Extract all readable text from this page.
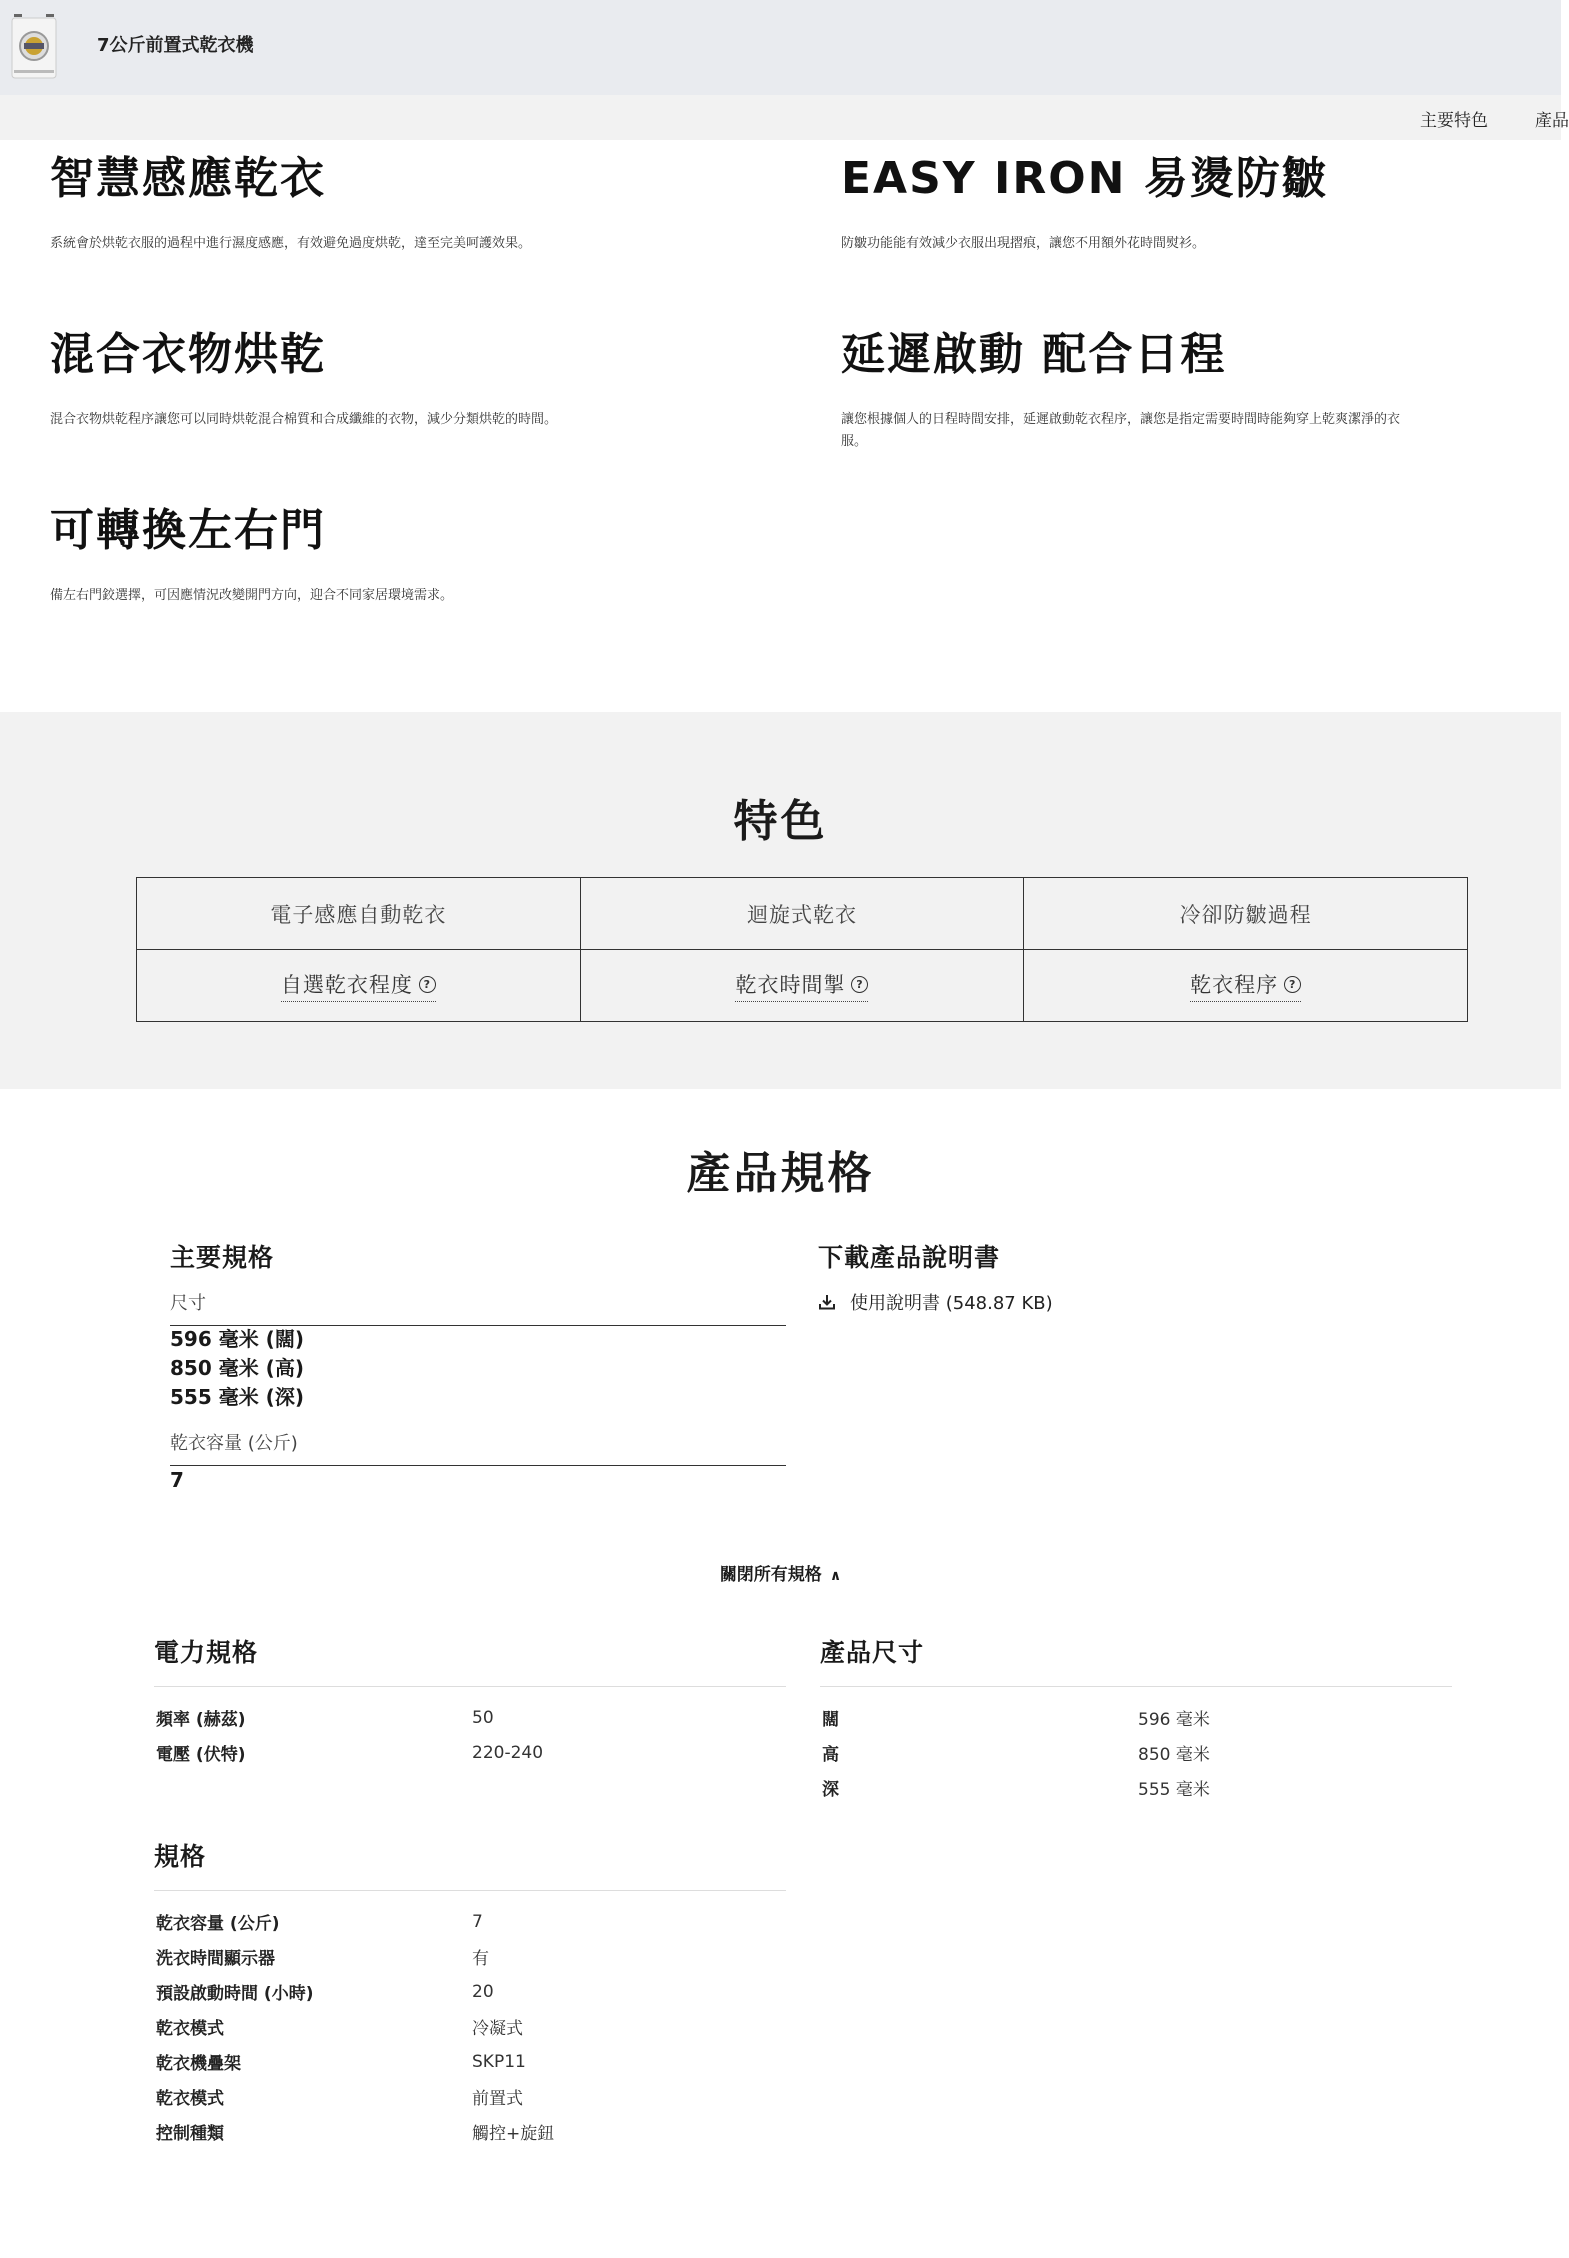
7公斤前置式乾衣機
主要特色	產品
智慧感應乾衣

系統會於烘乾衣服的過程中進行濕度感應，有效避免過度烘乾，達至完美呵護效果。

EASY IRON 易燙防皺

防皺功能能有效減少衣服出現摺痕，讓您不用額外花時間熨衫。

混合衣物烘乾

混合衣物烘乾程序讓您可以同時烘乾混合棉質和合成纖維的衣物，減少分類烘乾的時間。

延遲啟動 配合日程

讓您根據個人的日程時間安排，延遲啟動乾衣程序，讓您是指定需要時間時能夠穿上乾爽潔淨的衣服。

可轉換左右門

備左右門鉸選擇，可因應情況改變開門方向，迎合不同家居環境需求。

特色
電子感應自動乾衣	迴旋式乾衣	冷卻防皺過程
自選乾衣程度 ?	乾衣時間掣 ?	乾衣程序 ?
產品規格
主要規格
尺寸
596 毫米 (闊)
850 毫米 (高)
555 毫米 (深)
乾衣容量 (公斤)
7
下載產品說明書
使用說明書 (548.87 KB)
關閉所有規格 ∧
電力規格
頻率 (赫茲)	50
電壓 (伏特)	220-240
產品尺寸
闊	596 毫米
高	850 毫米
深	555 毫米
規格
乾衣容量 (公斤)	7
洗衣時間顯示器	有
預設啟動時間 (小時)	20
乾衣模式	冷凝式
乾衣機疊架	SKP11
乾衣模式	前置式
控制種類	觸控+旋鈕
